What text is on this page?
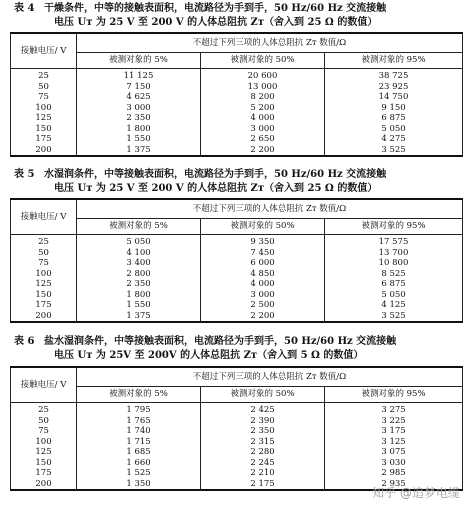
表 4 干燥条件，中等的接触表面积，电流路径为手到手，50 Hz/60 Hz 交流接触
电压 Uт 为 25 V 至 200 V 的人体总阻抗 Zт（舍入到 25 Ω 的数值）
接触电压/ V	不超过下列三项的人体总阻抗 Zт 数值/Ω		
	被测对象的 5%	被测对象的 50%	被测对象的 95%
25	11 125	20 600	38 725
50	7 150	13 000	23 925
75	4 625	8 200	14 750
100	3 000	5 200	9 150
125	2 350	4 000	6 875
150	1 800	3 000	5 050
175	1 550	2 650	4 275
200	1 375	2 200	3 525
表 5 水湿润条件，中等接触表面积，电流路径为手到手，50 Hz/60 Hz 交流接触
电压 Uт 为 25 V 至 200 V 的人体总阻抗 Zт（舍入到 25 Ω 的数值）
接触电压/ V	不超过下列三项的人体总阻抗 Zт 数值/Ω		
	被测对象的 5%	被测对象的 50%	被测对象的 95%
25	5 050	9 350	17 575
50	4 100	7 450	13 700
75	3 400	6 000	10 800
100	2 800	4 850	8 525
125	2 350	4 000	6 875
150	1 800	3 000	5 050
175	1 550	2 500	4 125
200	1 375	2 200	3 525
表 6 盐水湿润条件，中等接触表面积，电流路径为手到手，50 Hz/60 Hz 交流接触
电压 Uт 为 25V 至 200V 的人体总阻抗 Zт（舍入到 5 Ω 的数值）
接触电压/ V	不超过下列三项的人体总阻抗 Zт 数值/Ω		
	被测对象的 5%	被测对象的 50%	被测对象的 95%
25	1 795	2 425	3 275
50	1 765	2 390	3 225
75	1 740	2 350	3 175
100	1 715	2 315	3 125
125	1 685	2 280	3 075
150	1 660	2 245	3 030
175	1 525	2 210	2 985
200	1 350	2 175	2 935
知乎 @追梦电缆
